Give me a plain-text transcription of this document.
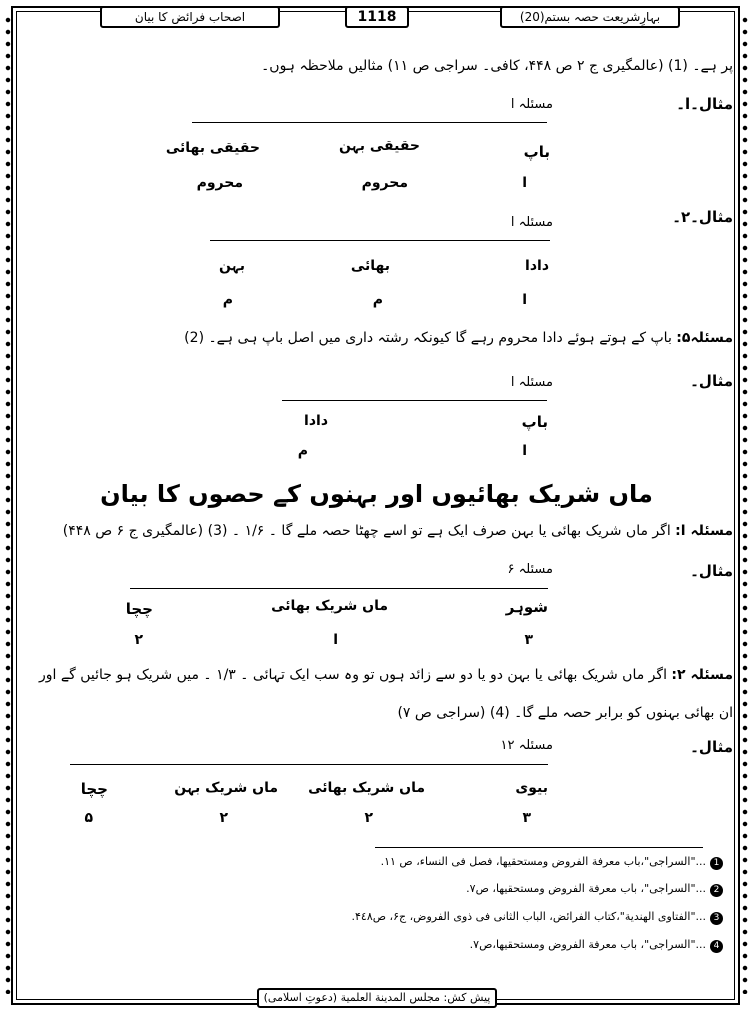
بہارِشریعت حصہ بستم(20)
1118
اصحاب فرائض کا بیان
پر ہے۔ (1) (عالمگیری ج ۲ ص ۴۴۸، کافی۔ سراجی ص ۱۱) مثالیں ملاحظہ ہوں۔
مثال۔ا۔
مسئلہ ا
باپ
حقیقی بہن
حقیقی بھائی
ا
محروم
محروم
مثال۔۲۔
مسئلہ ا
دادا
بھائی
بہن
ا
م
م
مسئلہ۵: باپ کے ہوتے ہوئے دادا محروم رہے گا کیونکہ رشتہ داری میں اصل باپ ہی ہے۔ (2)
مثال۔
مسئلہ ا
باپ
دادا
ا
م
ماں شریک بھائیوں اور بہنوں کے حصوں کا بیان
مسئلہ ا: اگر ماں شریک بھائی یا بہن صرف ایک ہے تو اسے چھٹا حصہ ملے گا ۔ ۱/۶ ۔ (3) (عالمگیری ج ۶ ص ۴۴۸)
مثال۔
مسئلہ ۶
شوہر
ماں شریک بھائی
چچا
۳
ا
۲
مسئلہ ۲: اگر ماں شریک بھائی یا بہن دو یا دو سے زائد ہوں تو وہ سب ایک تہائی ۔ ۱/۳ ۔ میں شریک ہو جائیں گے اور
ان بھائی بہنوں کو برابر حصہ ملے گا۔ (4) (سراجی ص ۷)
مثال۔
مسئلہ ۱۲
بیوی
ماں شریک بھائی
ماں شریک بہن
چچا
۳
۲
۲
۵
1..."السراجی"،باب معرفة الفروض ومستحقیها، فصل فی النساء، ص ۱۱.
2..."السراجی"، باب معرفة الفروض ومستحقیها، ص۷.
3..."الفتاوی الهندیة"،کتاب الفرائض، الباب الثانی فی ذوی الفروض، ج۶، ص۴٤۸.
4..."السراجی"، باب معرفة الفروض ومستحقیها،ص۷.
پیش کش: مجلس المدینة العلمیة (دعوتِ اسلامی)
